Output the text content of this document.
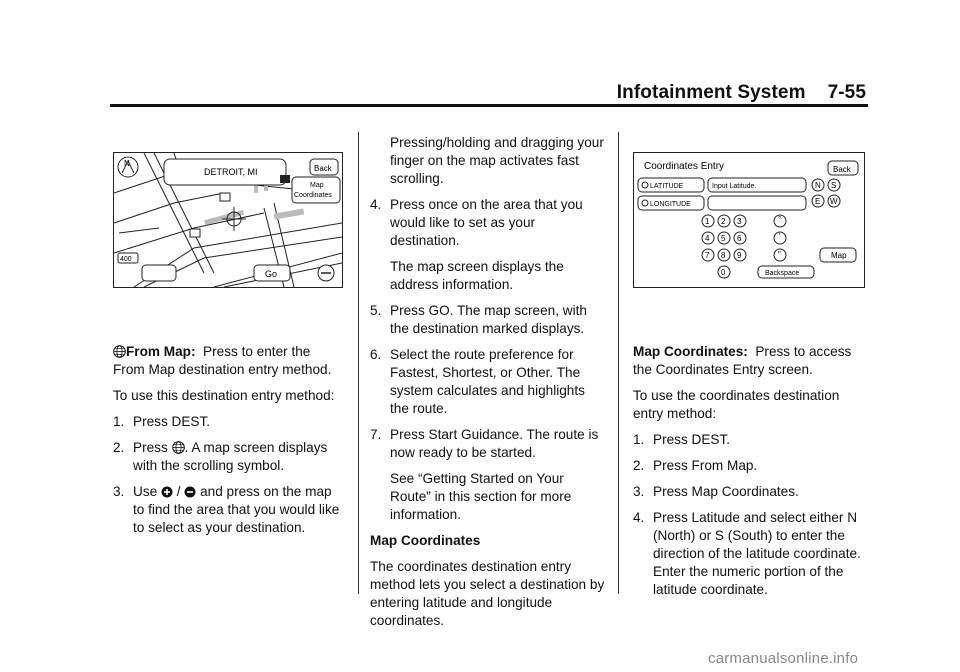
Infotainment System 7-55
N
DETROIT, MI	Back
Map
Coordinates
400
Go
Coordinates Entry	Back
LATITUDE
LONGITUDE
Input Latitude.	N S
E W
1 2 3
4 5 6
7 8 9
0
°
'
"	Map
Backspace

From Map: Press to enter the From Map destination entry method.

To use this destination entry method:

1. Press DEST.
2. Press . A map screen displays with the scrolling symbol.
3. Use / and press on the map to find the area that you would like to select as your destination.

Pressing/holding and dragging your finger on the map activates fast scrolling.

4. Press once on the area that you would like to set as your destination.

The map screen displays the address information.

5. Press GO. The map screen, with the destination marked displays.
6. Select the route preference for Fastest, Shortest, or Other. The system calculates and highlights the route.
7. Press Start Guidance. The route is now ready to be started.

See “Getting Started on Your Route” in this section for more information.

Map Coordinates

The coordinates destination entry method lets you select a destination by entering latitude and longitude coordinates.

Map Coordinates: Press to access the Coordinates Entry screen.

To use the coordinates destination entry method:

1. Press DEST.
2. Press From Map.
3. Press Map Coordinates.
4. Press Latitude and select either N (North) or S (South) to enter the direction of the latitude coordinate. Enter the numeric portion of the latitude coordinate.
carmanualsonline.info
